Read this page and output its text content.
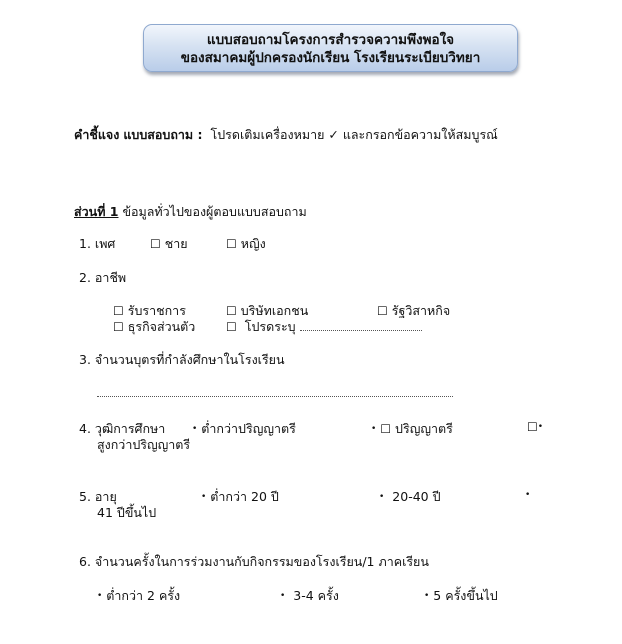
แบบสอบถามโครงการสำรวจความพึงพอใจ
ของสมาคมผู้ปกครองนักเรียน โรงเรียนระเบียบวิทยา
คำชี้แจง แบบสอบถาม : โปรดเติมเครื่องหมาย ✓ และกรอกข้อความให้สมบูรณ์
ส่วนที่ 1 ข้อมูลทั่วไปของผู้ตอบแบบสอบถาม
1. เพศ	☐ ชาย	☐ หญิง
2. อาชีพ
☐ รับราชการ	☐ บริษัทเอกชน	☐ รัฐวิสาหกิจ
☐ ธุรกิจส่วนตัว	☐ โปรดระบุ
3. จำนวนบุตรที่กำลังศึกษาในโรงเรียน
4. วุฒิการศึกษา	• ต่ำกว่าปริญญาตรี	• ☐ ปริญญาตรี	☐•
สูงกว่าปริญญาตรี
5. อายุ	• ต่ำกว่า 20 ปี	• 20-40 ปี	•
41 ปีขึ้นไป
6. จำนวนครั้งในการร่วมงานกับกิจกรรมของโรงเรียน/1 ภาคเรียน
• ต่ำกว่า 2 ครั้ง	• 3-4 ครั้ง	• 5 ครั้งขึ้นไป
